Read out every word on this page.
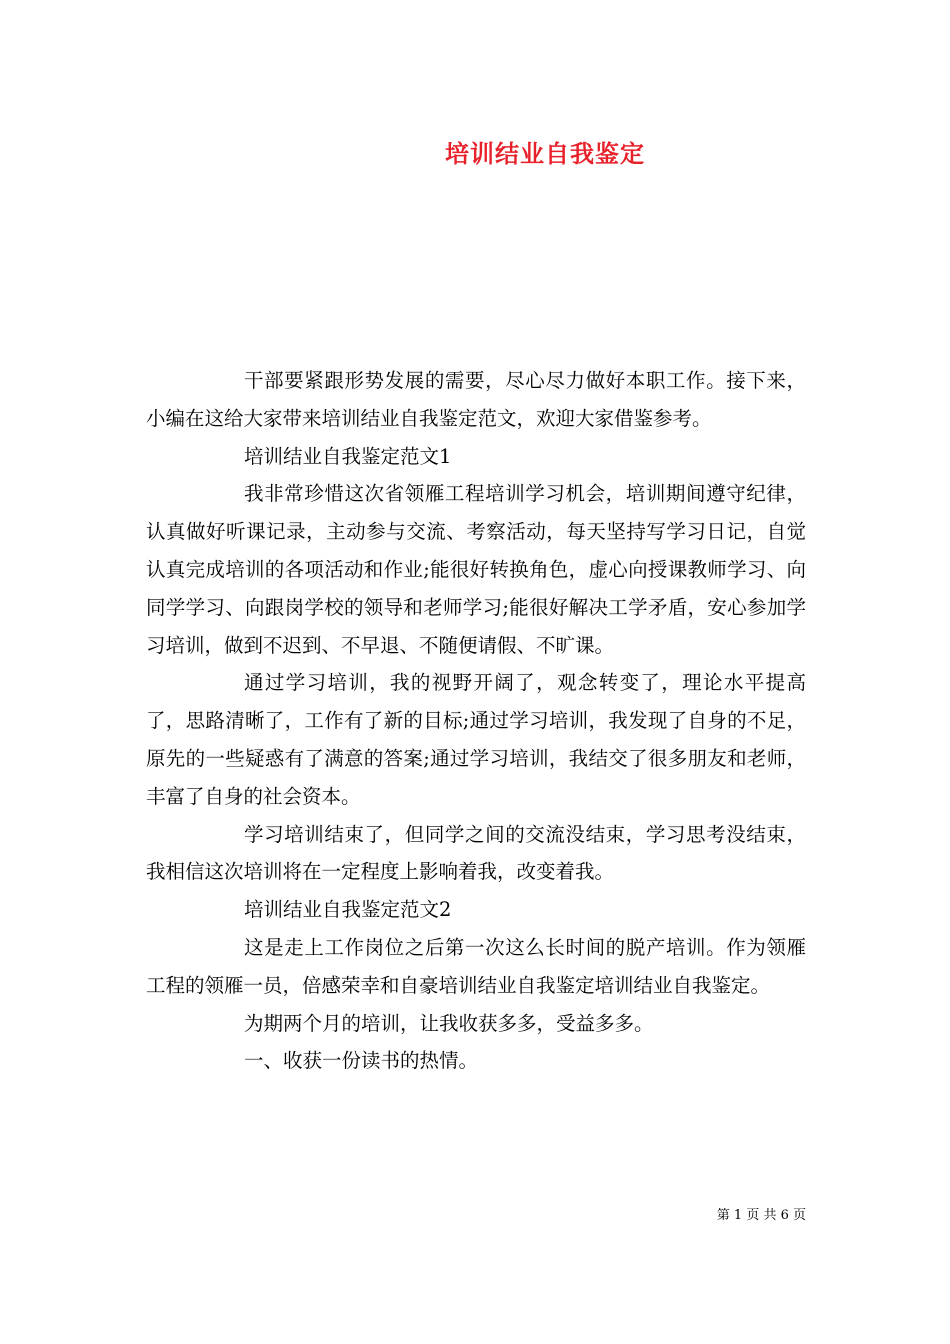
培训结业自我鉴定

干部要紧跟形势发展的需要，尽心尽力做好本职工作。接下来，小编在这给大家带来培训结业自我鉴定范文，欢迎大家借鉴参考。

培训结业自我鉴定范文1

我非常珍惜这次省领雁工程培训学习机会，培训期间遵守纪律，认真做好听课记录，主动参与交流、考察活动，每天坚持写学习日记，自觉认真完成培训的各项活动和作业;能很好转换角色，虚心向授课教师学习、向同学学习、向跟岗学校的领导和老师学习;能很好解决工学矛盾，安心参加学习培训，做到不迟到、不早退、不随便请假、不旷课。

通过学习培训，我的视野开阔了，观念转变了，理论水平提高了，思路清晰了，工作有了新的目标;通过学习培训，我发现了自身的不足，原先的一些疑惑有了满意的答案;通过学习培训，我结交了很多朋友和老师，丰富了自身的社会资本。

学习培训结束了，但同学之间的交流没结束，学习思考没结束，我相信这次培训将在一定程度上影响着我，改变着我。

培训结业自我鉴定范文2

这是走上工作岗位之后第一次这么长时间的脱产培训。作为领雁工程的领雁一员，倍感荣幸和自豪培训结业自我鉴定培训结业自我鉴定。

为期两个月的培训，让我收获多多，受益多多。

一、收获一份读书的热情。

第 1 页 共 6 页
